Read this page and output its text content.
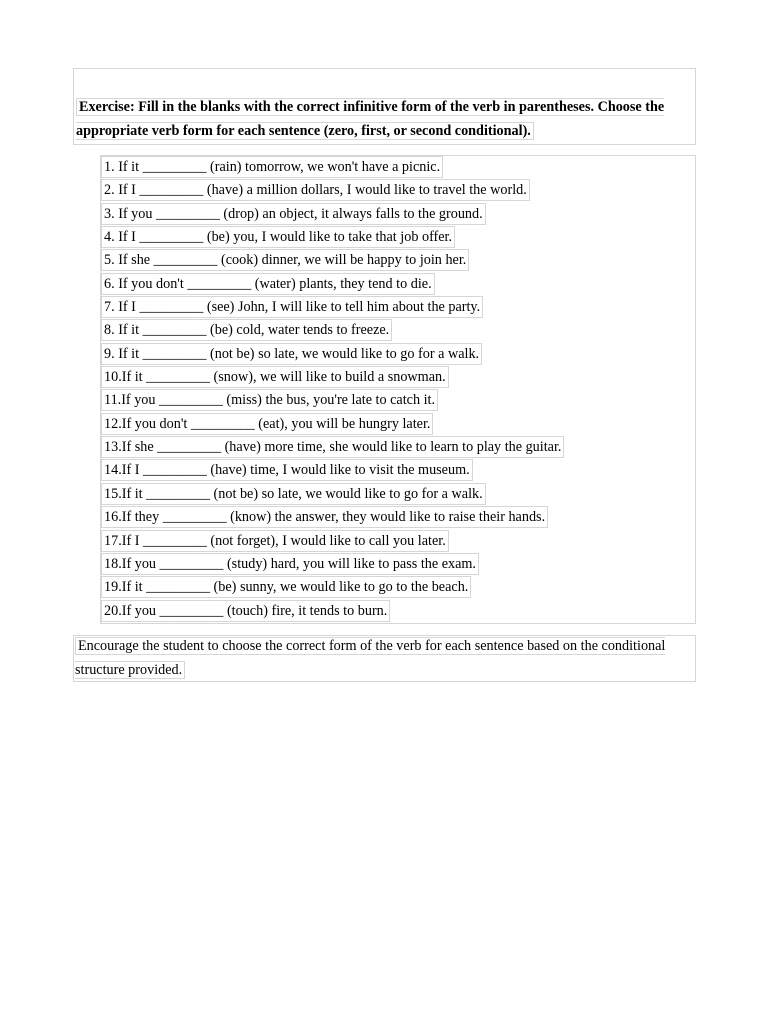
Exercise: Fill in the blanks with the correct infinitive form of the verb in parentheses. Choose the appropriate verb form for each sentence (zero, first, or second conditional).
1. If it _________ (rain) tomorrow, we won't have a picnic.
2. If I _________ (have) a million dollars, I would like to travel the world.
3. If you _________ (drop) an object, it always falls to the ground.
4. If I _________ (be) you, I would like to take that job offer.
5. If she _________ (cook) dinner, we will be happy to join her.
6. If you don't _________ (water) plants, they tend to die.
7. If I _________ (see) John, I will like to tell him about the party.
8. If it _________ (be) cold, water tends to freeze.
9. If it _________ (not be) so late, we would like to go for a walk.
10.If it _________ (snow), we will like to build a snowman.
11.If you _________ (miss) the bus, you're late to catch it.
12.If you don't _________ (eat), you will be hungry later.
13.If she _________ (have) more time, she would like to learn to play the guitar.
14.If I _________ (have) time, I would like to visit the museum.
15.If it _________ (not be) so late, we would like to go for a walk.
16.If they _________ (know) the answer, they would like to raise their hands.
17.If I _________ (not forget), I would like to call you later.
18.If you _________ (study) hard, you will like to pass the exam.
19.If it _________ (be) sunny, we would like to go to the beach.
20.If you _________ (touch) fire, it tends to burn.
Encourage the student to choose the correct form of the verb for each sentence based on the conditional structure provided.
